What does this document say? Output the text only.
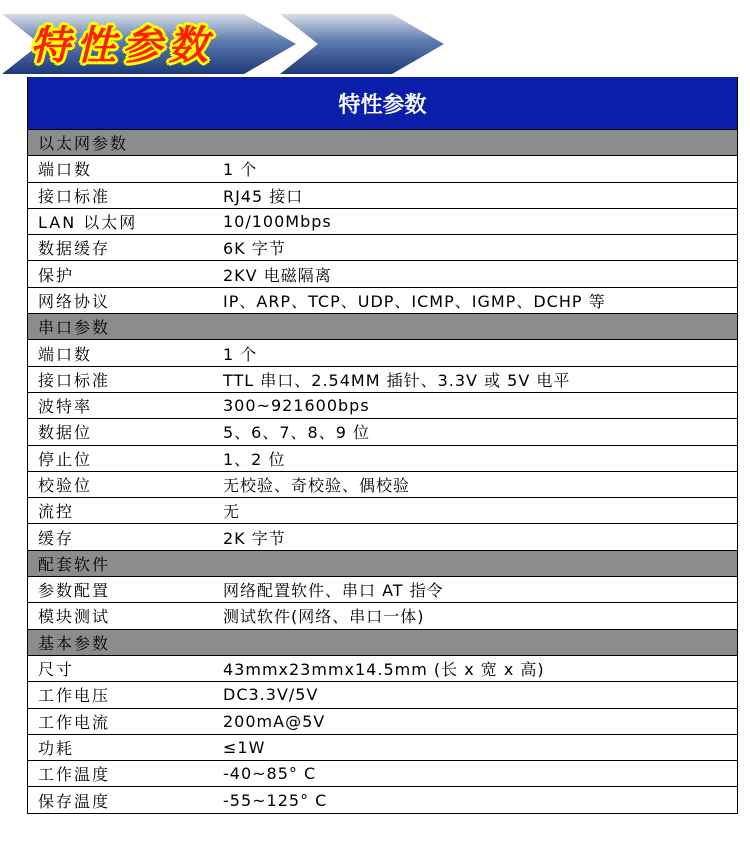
特性参数
特性参数
以太网参数
端口数	1 个
接口标准	RJ45 接口
LAN 以太网	10/100Mbps
数据缓存	6K 字节
保护	2KV 电磁隔离
网络协议	IP、ARP、TCP、UDP、ICMP、IGMP、DCHP 等
串口参数
端口数	1 个
接口标准	TTL 串口、2.54MM 插针、3.3V 或 5V 电平
波特率	300~921600bps
数据位	5、6、7、8、9 位
停止位	1、2 位
校验位	无校验、奇校验、偶校验
流控	无
缓存	2K 字节
配套软件
参数配置	网络配置软件、串口 AT 指令
模块测试	测试软件(网络、串口一体)
基本参数
尺寸	43mmx23mmx14.5mm (长 x 宽 x 高)
工作电压	DC3.3V/5V
工作电流	200mA@5V
功耗	≤1W
工作温度	-40~85° C
保存温度	-55~125° C
